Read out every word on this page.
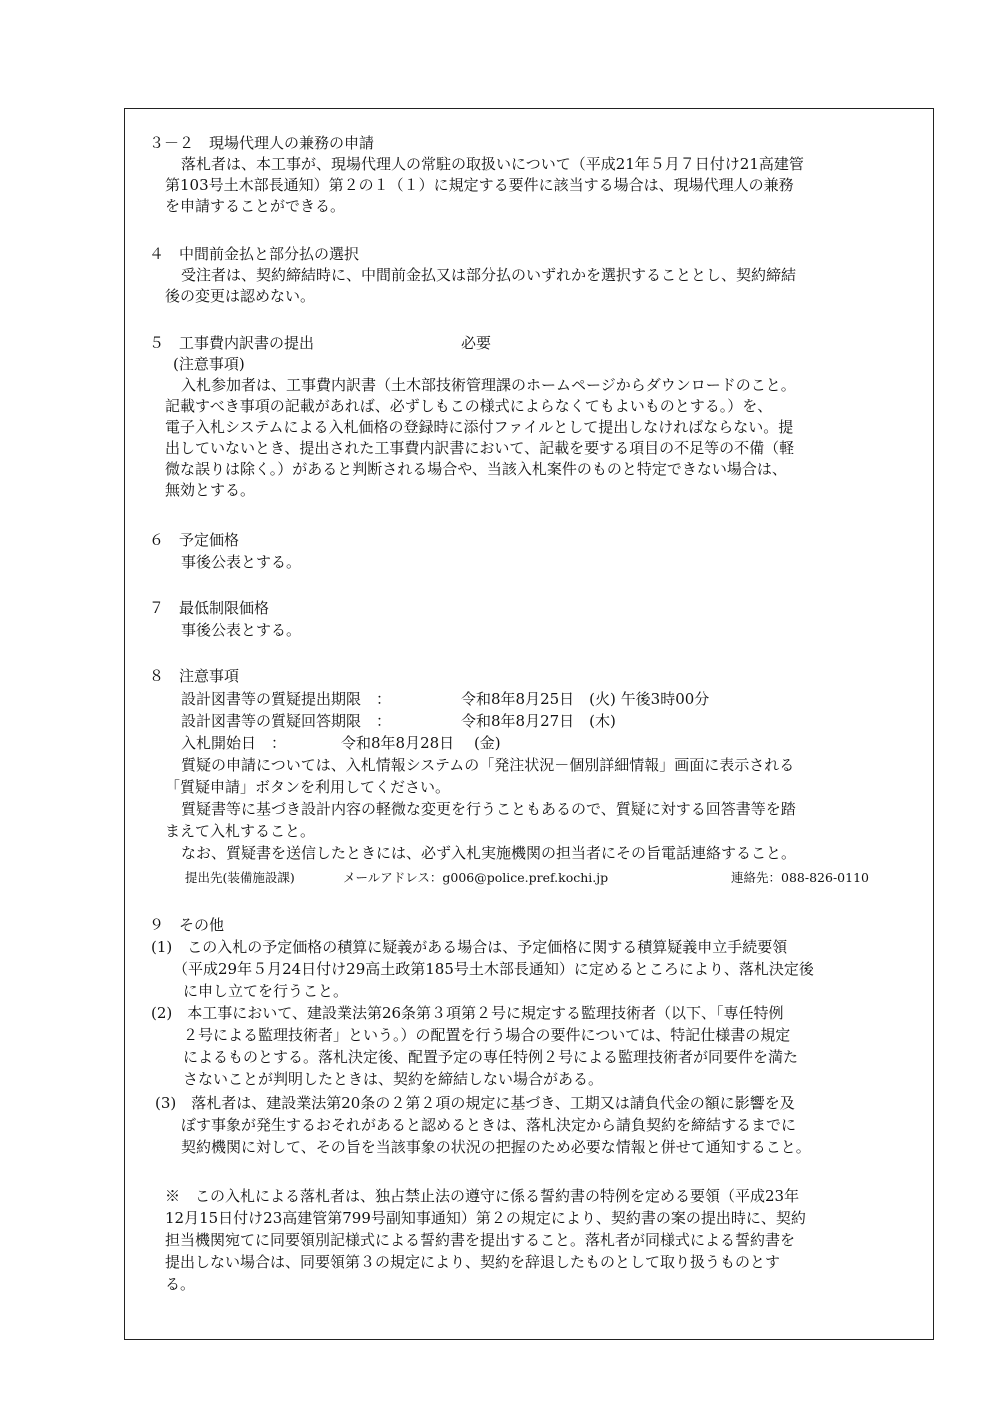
３－２　現場代理人の兼務の申請
落札者は、本工事が、現場代理人の常駐の取扱いについて（平成21年５月７日付け21高建管
第103号土木部長通知）第２の１（１）に規定する要件に該当する場合は、現場代理人の兼務
を申請することができる。
４　中間前金払と部分払の選択
受注者は、契約締結時に、中間前金払又は部分払のいずれかを選択することとし、契約締結
後の変更は認めない。
５　工事費内訳書の提出	必要
(注意事項)
入札参加者は、工事費内訳書（土木部技術管理課のホームページからダウンロードのこと。
記載すべき事項の記載があれば、必ずしもこの様式によらなくてもよいものとする。）を、
電子入札システムによる入札価格の登録時に添付ファイルとして提出しなければならない。提
出していないとき、提出された工事費内訳書において、記載を要する項目の不足等の不備（軽
微な誤りは除く。）があると判断される場合や、当該入札案件のものと特定できない場合は、
無効とする。
６　予定価格
事後公表とする。
７　最低制限価格
事後公表とする。
８　注意事項
設計図書等の質疑提出期限　：	令和8年8月25日　(火) 午後3時00分
設計図書等の質疑回答期限　：	令和8年8月27日　(木)
入札開始日　：	令和8年8月28日　 (金)
質疑の申請については、入札情報システムの「発注状況－個別詳細情報」画面に表示される
「質疑申請」ボタンを利用してください。
質疑書等に基づき設計内容の軽微な変更を行うこともあるので、質疑に対する回答書等を踏
まえて入札すること。
なお、質疑書を送信したときには、必ず入札実施機関の担当者にその旨電話連絡すること。
提出先(装備施設課)	メールアドレス：g006@police.pref.kochi.jp	連絡先：088-826-0110
９　その他
(1)　この入札の予定価格の積算に疑義がある場合は、予定価格に関する積算疑義申立手続要領
（平成29年５月24日付け29高土政第185号土木部長通知）に定めるところにより、落札決定後
に申し立てを行うこと。
(2)　本工事において、建設業法第26条第３項第２号に規定する監理技術者（以下、「専任特例
２号による監理技術者」という。）の配置を行う場合の要件については、特記仕様書の規定
によるものとする。落札決定後、配置予定の専任特例２号による監理技術者が同要件を満た
さないことが判明したときは、契約を締結しない場合がある。
(3)　落札者は、建設業法第20条の２第２項の規定に基づき、工期又は請負代金の額に影響を及
ぼす事象が発生するおそれがあると認めるときは、落札決定から請負契約を締結するまでに
契約機関に対して、その旨を当該事象の状況の把握のため必要な情報と併せて通知すること。
※　この入札による落札者は、独占禁止法の遵守に係る誓約書の特例を定める要領（平成23年
12月15日付け23高建管第799号副知事通知）第２の規定により、契約書の案の提出時に、契約
担当機関宛てに同要領別記様式による誓約書を提出すること。落札者が同様式による誓約書を
提出しない場合は、同要領第３の規定により、契約を辞退したものとして取り扱うものとす
る。
